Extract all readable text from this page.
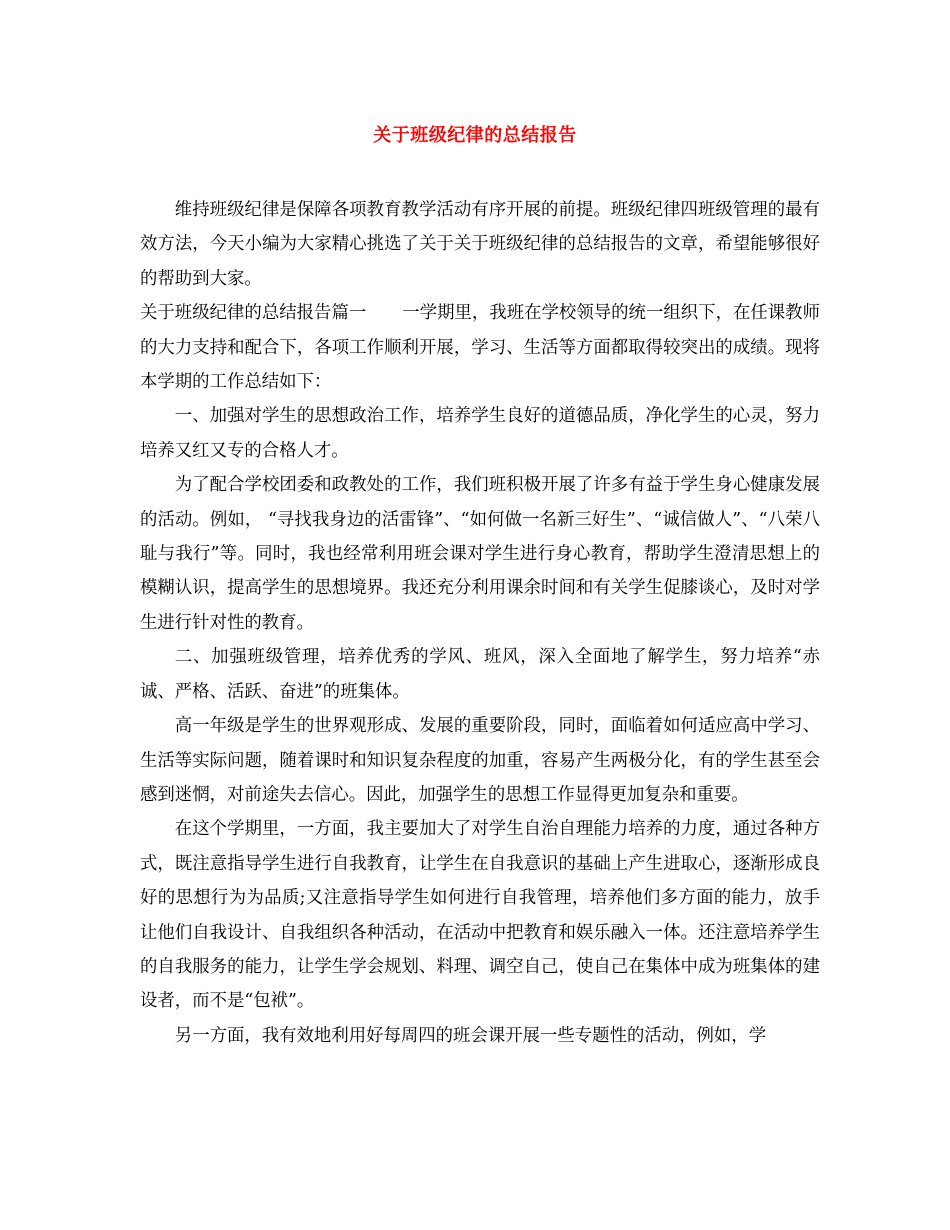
关于班级纪律的总结报告

维持班级纪律是保障各项教育教学活动有序开展的前提。班级纪律四班级管理的最有效方法，今天小编为大家精心挑选了关于关于班级纪律的总结报告的文章，希望能够很好的帮助到大家。

关于班级纪律的总结报告篇一 一学期里，我班在学校领导的统一组织下，在任课教师的大力支持和配合下，各项工作顺利开展，学习、生活等方面都取得较突出的成绩。现将本学期的工作总结如下：

一、加强对学生的思想政治工作，培养学生良好的道德品质，净化学生的心灵，努力培养又红又专的合格人才。

为了配合学校团委和政教处的工作，我们班积极开展了许多有益于学生身心健康发展的活动。例如， “寻找我身边的活雷锋”、“如何做一名新三好生”、“诚信做人”、“八荣八耻与我行”等。同时，我也经常利用班会课对学生进行身心教育，帮助学生澄清思想上的模糊认识，提高学生的思想境界。我还充分利用课余时间和有关学生促膝谈心，及时对学生进行针对性的教育。

二、加强班级管理，培养优秀的学风、班风，深入全面地了解学生，努力培养“赤诚、严格、活跃、奋进”的班集体。

高一年级是学生的世界观形成、发展的重要阶段，同时，面临着如何适应高中学习、生活等实际问题，随着课时和知识复杂程度的加重，容易产生两极分化，有的学生甚至会感到迷惘，对前途失去信心。因此，加强学生的思想工作显得更加复杂和重要。

在这个学期里，一方面，我主要加大了对学生自治自理能力培养的力度，通过各种方式，既注意指导学生进行自我教育，让学生在自我意识的基础上产生进取心，逐渐形成良好的思想行为为品质;又注意指导学生如何进行自我管理，培养他们多方面的能力，放手让他们自我设计、自我组织各种活动，在活动中把教育和娱乐融入一体。还注意培养学生的自我服务的能力，让学生学会规划、料理、调空自己，使自己在集体中成为班集体的建设者，而不是“包袱”。

另一方面，我有效地利用好每周四的班会课开展一些专题性的活动，例如，学
